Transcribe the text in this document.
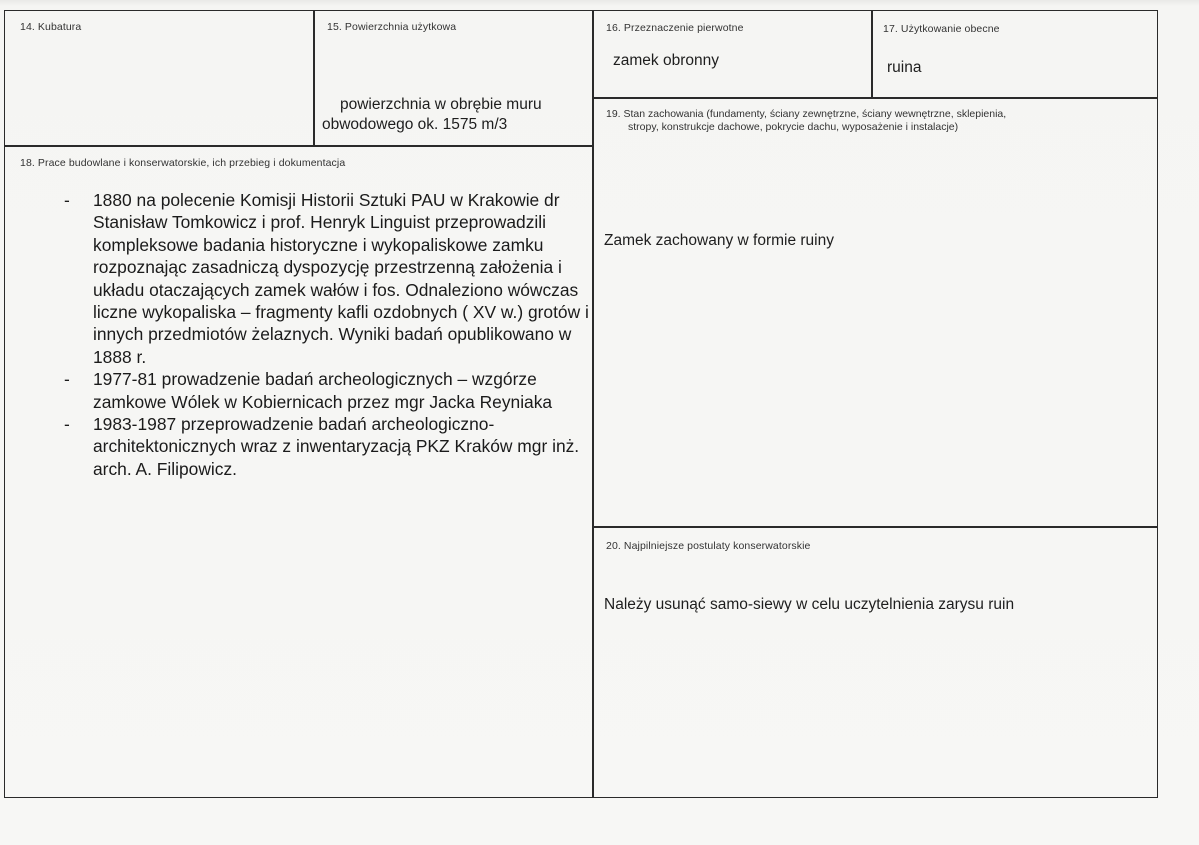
14. Kubatura	15. Powierzchnia użytkowa
powierzchnia w obrębie muru
obwodowego ok. 1575 m/3
16. Przeznaczenie pierwotne
zamek obronny
17. Użytkowanie obecne
ruina
18. Prace budowlane i konserwatorskie, ich przebieg i dokumentacja
- 1880 na polecenie Komisji Historii Sztuki PAU w Krakowie dr Stanisław Tomkowicz i prof. Henryk Linguist przeprowadzili kompleksowe badania historyczne i wykopaliskowe zamku rozpoznając zasadniczą dyspozycję przestrzenną założenia i układu otaczających zamek wałów i fos. Odnaleziono wówczas liczne wykopaliska – fragmenty kafli ozdobnych ( XV w.) grotów i innych przedmiotów żelaznych. Wyniki badań opublikowano w 1888 r.
- 1977-81 prowadzenie badań archeologicznych – wzgórze zamkowe Wólek w Kobiernicach przez mgr Jacka Reyniaka
- 1983-1987 przeprowadzenie badań archeologiczno-architektonicznych wraz z inwentaryzacją PKZ Kraków mgr inż. arch. A. Filipowicz.
19. Stan zachowania (fundamenty, ściany zewnętrzne, ściany wewnętrzne, sklepienia,
stropy, konstrukcje dachowe, pokrycie dachu, wyposażenie i instalacje)
Zamek zachowany w formie ruiny
20. Najpilniejsze postulaty konserwatorskie
Należy usunąć samo-siewy w celu uczytelnienia zarysu ruin
